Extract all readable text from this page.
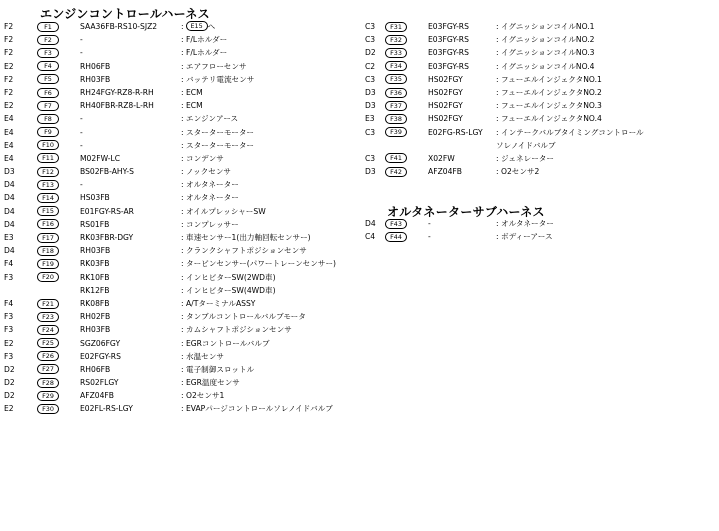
エンジンコントロールハーネス
オルタネーターサブハーネス
F2	F1	SAA36FB-RS10-SJZ2	: E15 へ
F2	F2	-	: F/Lホルダー
F2	F3	-	: F/Lホルダー
E2	F4	RH06FB	: エアフローセンサ
F2	F5	RH03FB	: バッテリ電流センサ
F2	F6	RH24FGY-RZ8-R-RH	: ECM
E2	F7	RH40FBR-RZ8-L-RH	: ECM
E4	F8	-	: エンジンアース
E4	F9	-	: スターターモーター
E4	F10	-	: スターターモーター
E4	F11	M02FW-LC	: コンデンサ
D3	F12	BS02FB-AHY-S	: ノックセンサ
D4	F13	-	: オルタネーター
D4	F14	HS03FB	: オルタネーター
D4	F15	E01FGY-RS-AR	: オイルプレッシャーSW
D4	F16	RS01FB	: コンプレッサー
E3	F17	RK03FBR-DGY	: 車速センサー1(出力軸回転センサー)
D4	F18	RH03FB	: クランクシャフトポジションセンサ
F4	F19	RK03FB	: タービンセンサー(パワートレーンセンサー)
F3	F20	RK10FB	: インヒビターSW(2WD車)
RK12FB	: インヒビターSW(4WD車)
F4	F21	RK08FB	: A/TターミナルASSY
F3	F23	RH02FB	: タンブルコントロールバルブモータ
F3	F24	RH03FB	: カムシャフトポジションセンサ
E2	F25	SGZ06FGY	: EGRコントロールバルブ
F3	F26	E02FGY-RS	: 水温センサ
D2	F27	RH06FB	: 電子制御スロットル
D2	F28	RS02FLGY	: EGR温度センサ
D2	F29	AFZ04FB	: O2センサ1
E2	F30	E02FL-RS-LGY	: EVAPパージコントロールソレノイドバルブ
C3	F31	E03FGY-RS	: イグニッションコイルNO.1
C3	F32	E03FGY-RS	: イグニッションコイルNO.2
D2	F33	E03FGY-RS	: イグニッションコイルNO.3
C2	F34	E03FGY-RS	: イグニッションコイルNO.4
C3	F35	HS02FGY	: フューエルインジェクタNO.1
D3	F36	HS02FGY	: フューエルインジェクタNO.2
D3	F37	HS02FGY	: フューエルインジェクタNO.3
E3	F38	HS02FGY	: フューエルインジェクタNO.4
C3	F39	E02FG-RS-LGY : インテークバルブタイミングコントロール
ソレノイドバルブ
C3	F41	X02FW	: ジェネレーター
D3	F42	AFZ04FB	: O2センサ2
D4	F43	-	: オルタネーター
C4	F44	-	: ボディーアース
